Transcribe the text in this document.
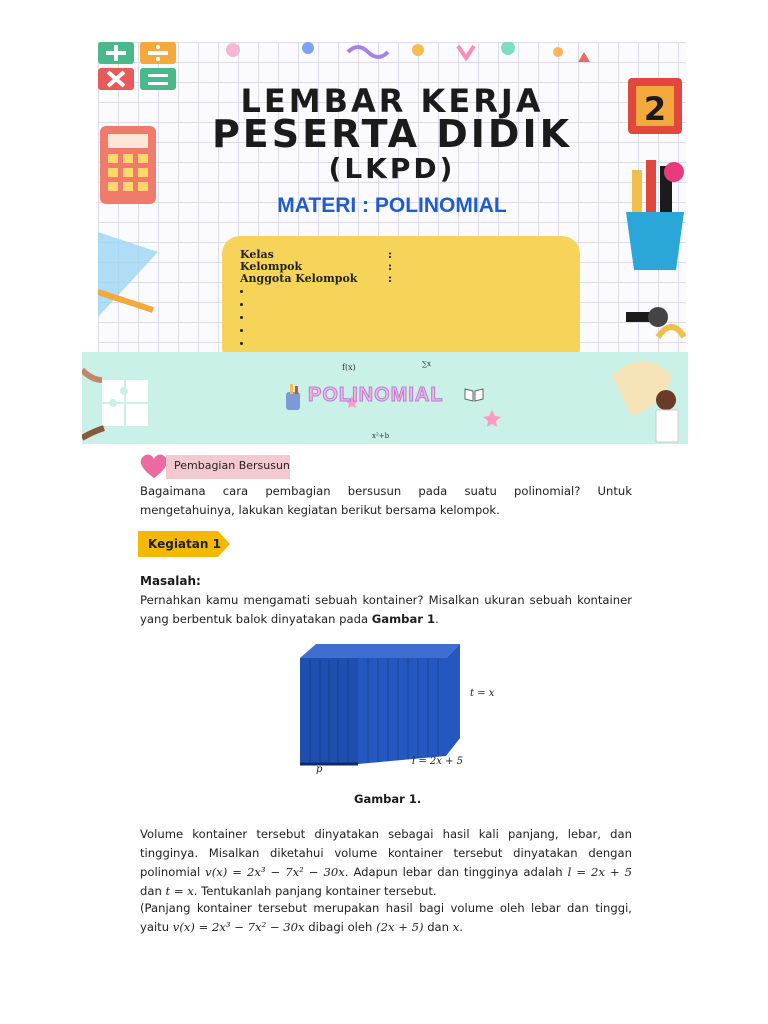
2
LEMBAR KERJA
PESERTA DIDIK
(LKPD)
MATERI : POLINOMIAL
Kelas	:
Kelompok	:
Anggota Kelompok	:
f(x)	∑x
x²+b
POLINOMIAL
Pembagian Bersusun
Bagaimana cara pembagian bersusun pada suatu polinomial? Untuk mengetahuinya, lakukan kegiatan berikut bersama kelompok.
Kegiatan 1
Masalah:
Pernahkan kamu mengamati sebuah kontainer? Misalkan ukuran sebuah kontainer yang berbentuk balok dinyatakan pada Gambar 1.
t = x
l = 2x + 5
p
Gambar 1.
Volume kontainer tersebut dinyatakan sebagai hasil kali panjang, lebar, dan tingginya. Misalkan diketahui volume kontainer tersebut dinyatakan dengan polinomial v(x) = 2x³ − 7x² − 30x. Adapun lebar dan tingginya adalah l = 2x + 5 dan t = x. Tentukanlah panjang kontainer tersebut.
(Panjang kontainer tersebut merupakan hasil bagi volume oleh lebar dan tinggi, yaitu v(x) = 2x³ − 7x² − 30x dibagi oleh (2x + 5) dan x.
